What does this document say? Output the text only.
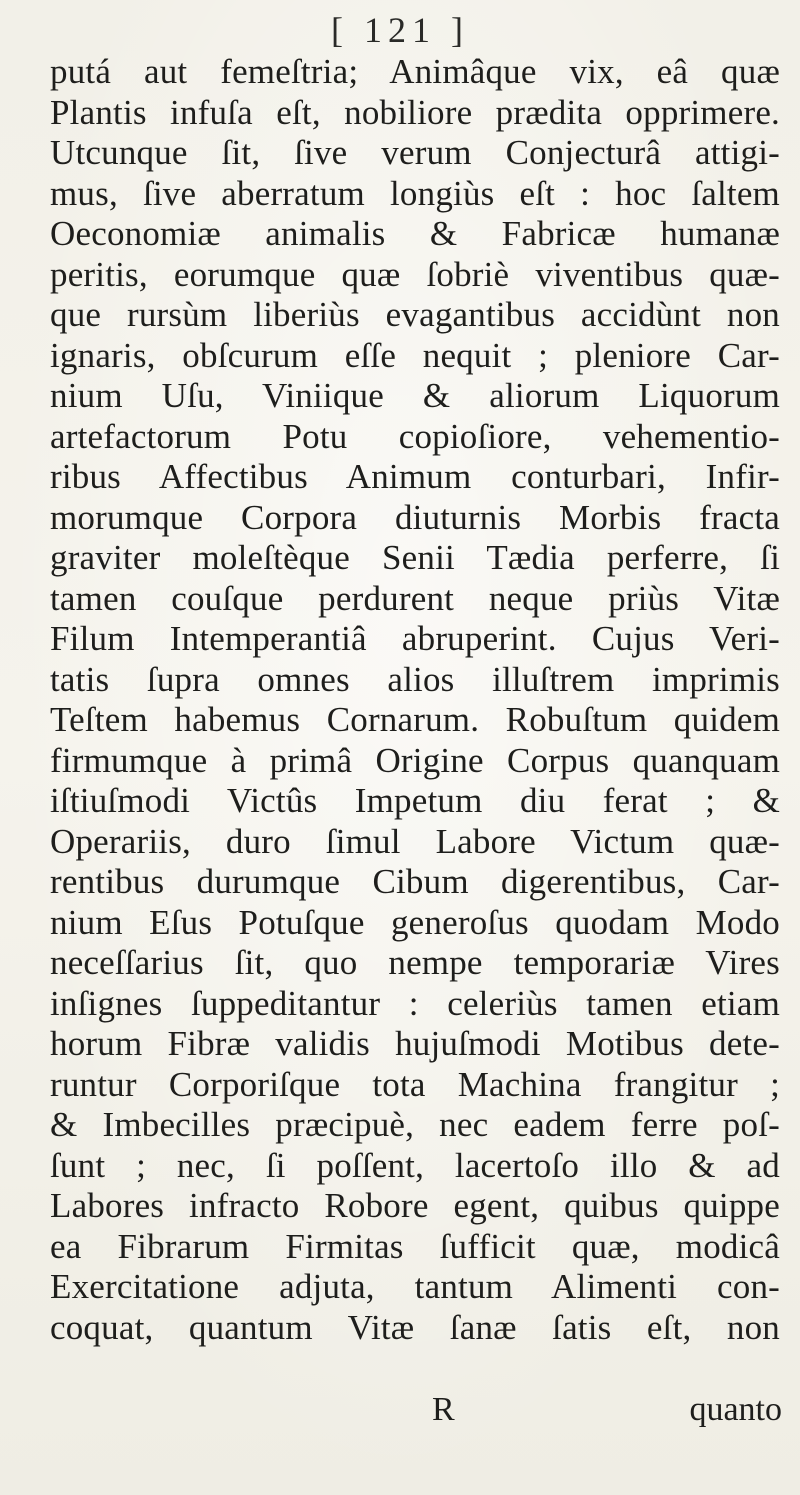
[ 121 ]
putá aut femeſtria; Animâque vix, eâ quæ
Plantis infuſa eſt, nobiliore prædita opprimere.
Utcunque ſit, ſive verum Conjecturâ attigi-
mus, ſive aberratum longiùs eſt : hoc ſaltem
Oeconomiæ animalis & Fabricæ humanæ
peritis, eorumque quæ ſobriè viventibus quæ-
que rursùm liberiùs evagantibus accidùnt non
ignaris, obſcurum eſſe nequit ; pleniore Car-
nium Uſu, Viniique & aliorum Liquorum
artefactorum Potu copioſiore, vehementio-
ribus Affectibus Animum conturbari, Infir-
morumque Corpora diuturnis Morbis fracta
graviter moleſtèque Senii Tædia perferre, ſi
tamen couſque perdurent neque priùs Vitæ
Filum Intemperantiâ abruperint. Cujus Veri-
tatis ſupra omnes alios illuſtrem imprimis
Teſtem habemus Cornarum. Robuſtum quidem
firmumque à primâ Origine Corpus quanquam
iſtiuſmodi Victûs Impetum diu ferat ; &
Operariis, duro ſimul Labore Victum quæ-
rentibus durumque Cibum digerentibus, Car-
nium Eſus Potuſque generoſus quodam Modo
neceſſarius ſit, quo nempe temporariæ Vires
inſignes ſuppeditantur : celeriùs tamen etiam
horum Fibræ validis hujuſmodi Motibus dete-
runtur Corporiſque tota Machina frangitur ;
& Imbecilles præcipuè, nec eadem ferre poſ-
ſunt ; nec, ſi poſſent, lacertoſo illo & ad
Labores infracto Robore egent, quibus quippe
ea Fibrarum Firmitas ſufficit quæ, modicâ
Exercitatione adjuta, tantum Alimenti con-
coquat, quantum Vitæ ſanæ ſatis eſt, non
R	quanto
